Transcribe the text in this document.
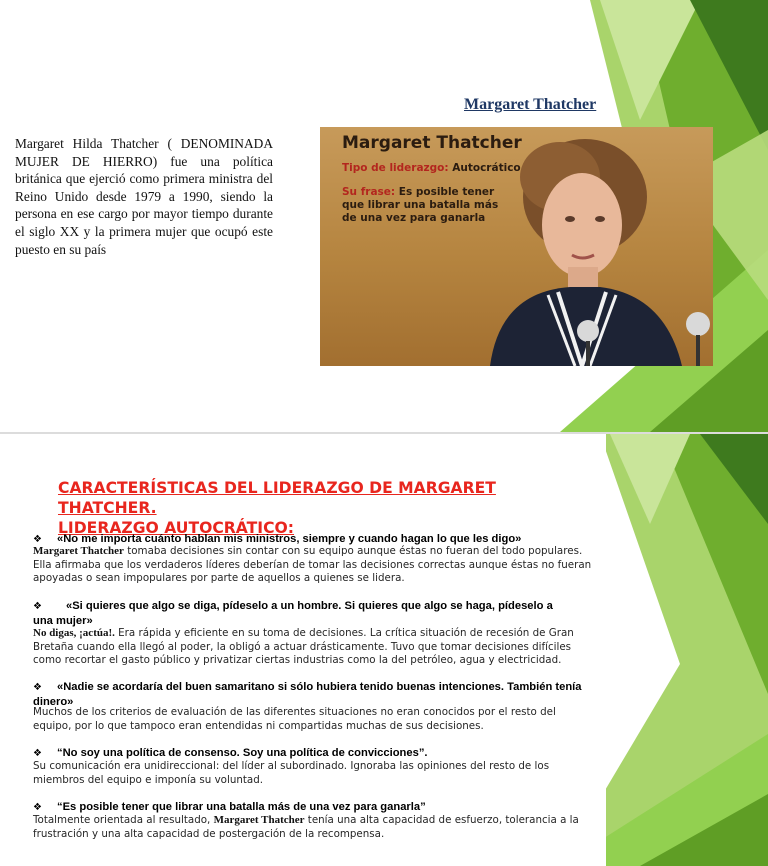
Margaret Thatcher
Margaret Hilda Thatcher ( DENOMINADA MUJER DE HIERRO) fue una política británica que ejerció como primera ministra del Reino Unido desde 1979 a 1990, siendo la persona en ese cargo por mayor tiempo durante el siglo XX y la primera mujer que ocupó este puesto en su país
Margaret Thatcher
Tipo de liderazgo: Autocrático
Su frase: Es posible tener que librar una batalla más de una vez para ganarla
CARACTERÍSTICAS DEL LIDERAZGO DE MARGARET THATCHER.
LIDERAZGO AUTOCRÁTICO:
❖ «No me importa cuánto hablan mis ministros, siempre y cuando hagan lo que les digo»
Margaret Thatcher tomaba decisiones sin contar con su equipo aunque éstas no fueran del todo populares. Ella afirmaba que los verdaderos líderes deberían de tomar las decisiones correctas aunque éstas no fueran apoyadas o sean impopulares por parte de aquellos a quienes se lidera.
❖ «Si quieres que algo se diga, pídeselo a un hombre. Si quieres que algo se haga, pídeselo a una mujer»
No digas, ¡actúa!. Era rápida y eficiente en su toma de decisiones. La crítica situación de recesión de Gran Bretaña cuando ella llegó al poder, la obligó a actuar drásticamente. Tuvo que tomar decisiones difíciles como recortar el gasto público y privatizar ciertas industrias como la del petróleo, agua y electricidad.
❖ «Nadie se acordaría del buen samaritano si sólo hubiera tenido buenas intenciones. También tenía dinero»
Muchos de los criterios de evaluación de las diferentes situaciones no eran conocidos por el resto del equipo, por lo que tampoco eran entendidas ni compartidas muchas de sus decisiones.
❖ “No soy una política de consenso. Soy una política de convicciones”.
Su comunicación era unidireccional: del líder al subordinado. Ignoraba las opiniones del resto de los miembros del equipo e imponía su voluntad.
❖ “Es posible tener que librar una batalla más de una vez para ganarla”
Totalmente orientada al resultado, Margaret Thatcher tenía una alta capacidad de esfuerzo, tolerancia a la frustración y una alta capacidad de postergación de la recompensa.
